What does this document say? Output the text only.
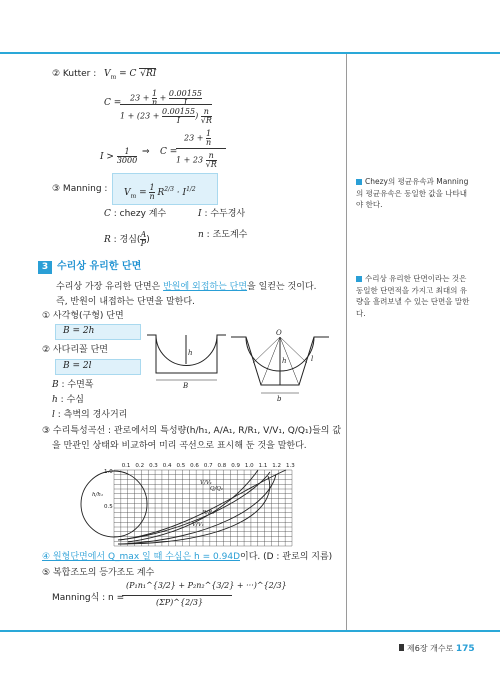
② Kutter : $V_m = C$ √RI
$C = 23 + \frac{1}{n} + \frac{0.00155}{I}$
$1 + (23 + \frac{0.00155}{I}) \frac{n}{√R}$
$I > \frac{1}{3000}$ ⇒ C =
$23 + \frac{1}{n}$
$1 + 23 \frac{n}{√R}$
③ Manning : $V_m = \frac{1}{n} R^{2/3} \cdot I^{1/2}$
C : chezy 계수	I : 수두경사
R : 경심( $\frac{A}{P}$)	n : 조도계수
3 수리상 유리한 단면
수리상 가장 유리한 단면은 반원에 외접하는 단면을 일컫는 것이다.
즉, 반원이 내접하는 단면을 말한다.
① 사각형(구형) 단면
B = 2h
② 사다리꼴 단면
B = 2l
B : 수면폭
h : 수심
l : 측벽의 경사거리
B
h
O
h	l
b
③ 수리특성곡선 : 관로에서의 특성량(h/h₁, A/A₁, R/R₁, V/V₁, Q/Q₁)들의 값
을 만관인 상태와 비교하여 미리 곡선으로 표시해 둔 것을 말한다.
0.1 0.2 0.3 0.4 0.5 0.6 0.7 0.8 0.9 1.0 1.1 1.2 1.3
1.0
0.5
V/V₁
Q/Q₁
R/R₁
V/V₁
h/h₁
④ 원형단면에서 Q_max 일 때 수심은 h = 0.94D이다. (D : 관로의 지름)
⑤ 복합조도의 등가조도 계수
Manning식 : n =
(P₁n₁^{3/2} + P₂n₂^{3/2} + ···)^{2/3}
(ΣP)^{2/3}
Chezy의 평균유속과 Manning의 평균유속은 동일한 값을 나타내야 한다.
수리상 유리한 단면이라는 것은 동일한 단면적을 가지고 최대의 유량을 흘려보낼 수 있는 단면을 말한다.
제6장 개수로 175
